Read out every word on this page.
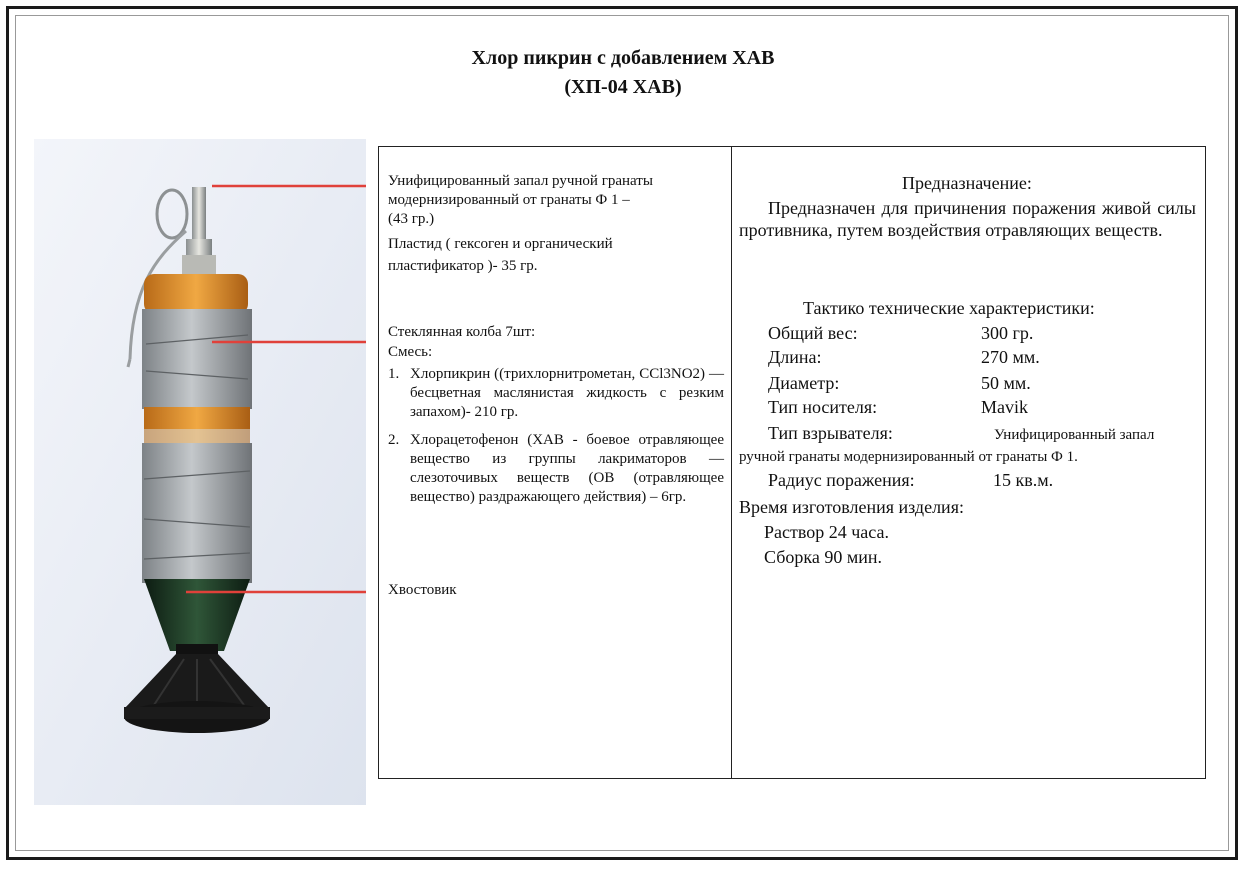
Хлор пикрин с добавлением ХАВ
(ХП-04 ХАВ)
Унифицированный запал ручной гранаты
модернизированный от гранаты Ф 1 –
(43 гр.)
Пластид ( гексоген и органический
пластификатор )- 35 гр.
Стеклянная колба 7шт:
Смесь:
1. Хлорпикрин ((трихлорнитрометан, CCl3NO2) — бесцветная маслянистая жидкость с резким запахом)- 210 гр.
2. Хлорацетофенон (ХАВ - боевое отравляющее вещество из группы лакриматоров — слезоточивых веществ (ОВ (отравляющее вещество) раздражающего действия) – 6гр.
Хвостовик
Предназначение:
Предназначен для причинения поражения живой силы противника, путем воздействия отравляющих веществ.
Тактико технические характеристики:
Общий вес:	300 гр.
Длина:	270 мм.
Диаметр:	50 мм.
Тип носителя:	Mavik
Тип взрывателя:	Унифицированный запал
ручной гранаты модернизированный от гранаты Ф 1.
Радиус поражения:	15 кв.м.
Время изготовления изделия:
Раствор 24 часа.
Сборка 90 мин.
